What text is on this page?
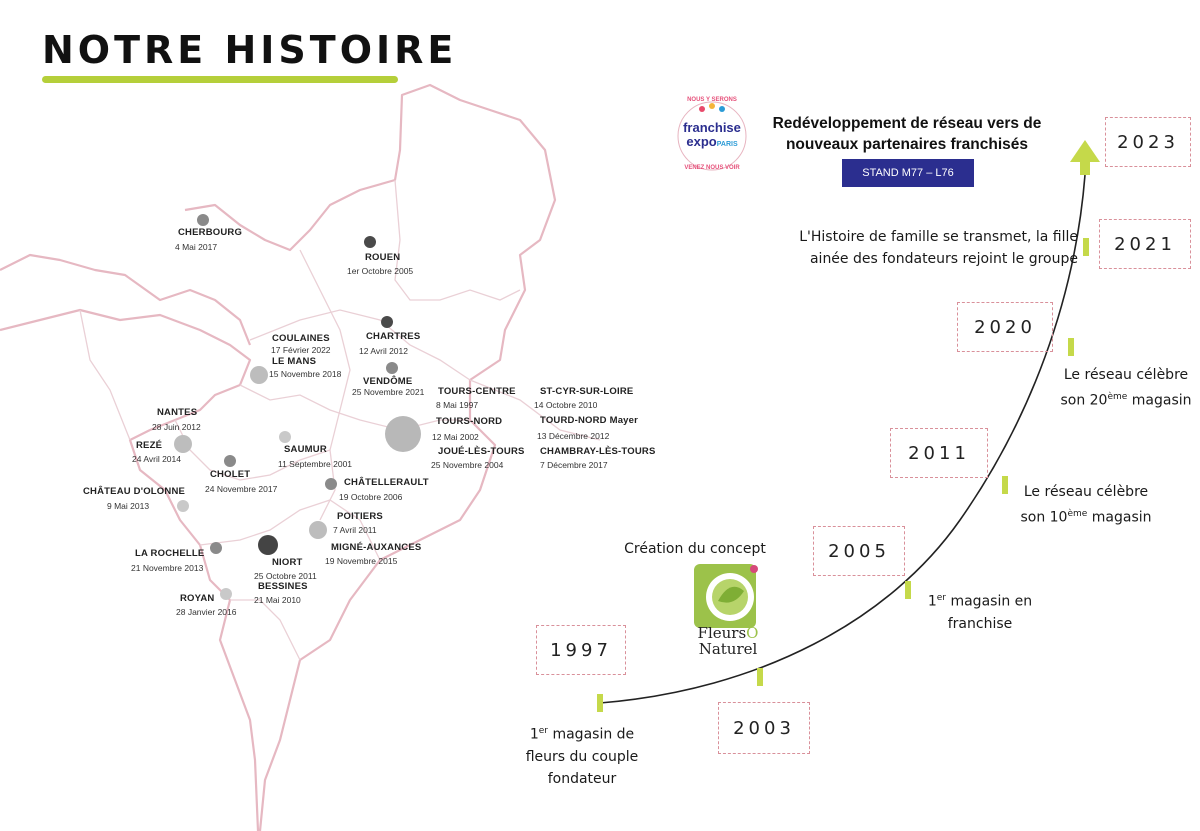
NOTRE HISTOIRE
CHERBOURG
4 Mai 2017
ROUEN
1er Octobre 2005
COULAINES
17 Février 2022
LE MANS
15 Novembre 2018
CHARTRES
12 Avril 2012
VENDÔME
25 Novembre 2021 TOURS-CENTRE
8 Mai 1997
ST-CYR-SUR-LOIRE
14 Octobre 2010
TOURS-NORD
12 Mai 2002
TOURD-NORD Mayer
13 Décembre 2012
JOUÉ-LÈS-TOURS
25 Novembre 2004
CHAMBRAY-LÈS-TOURS
7 Décembre 2017
NANTES
28 Juin 2012
REZÉ
24 Avril 2014
SAUMUR
11 Septembre 2001
CHOLET
24 Novembre 2017
CHÂTELLERAULT
19 Octobre 2006
CHÂTEAU D'OLONNE
9 Mai 2013
POITIERS
7 Avril 2011
MIGNÉ-AUXANCES
19 Novembre 2015
LA ROCHELLE
21 Novembre 2013	NIORT
25 Octobre 2011
BESSINES
21 Mai 2010
ROYAN
28 Janvier 2016
1997
2003
2005
2011
2020
2021
2023
1er magasin de
fleurs du couple
fondateur
1er magasin en
franchise
Le réseau célèbre
son 10ème magasin
Le réseau célèbre
son 20ème magasin
L'Histoire de famille se transmet, la fille
ainée des fondateurs rejoint le groupe
Création du concept
FleursÔ
Naturel
NOUS Y SERONS
franchise
expoPARIS
VENEZ NOUS VOIR
Redéveloppement de réseau vers de
nouveaux partenaires franchisés
STAND M77 – L76
